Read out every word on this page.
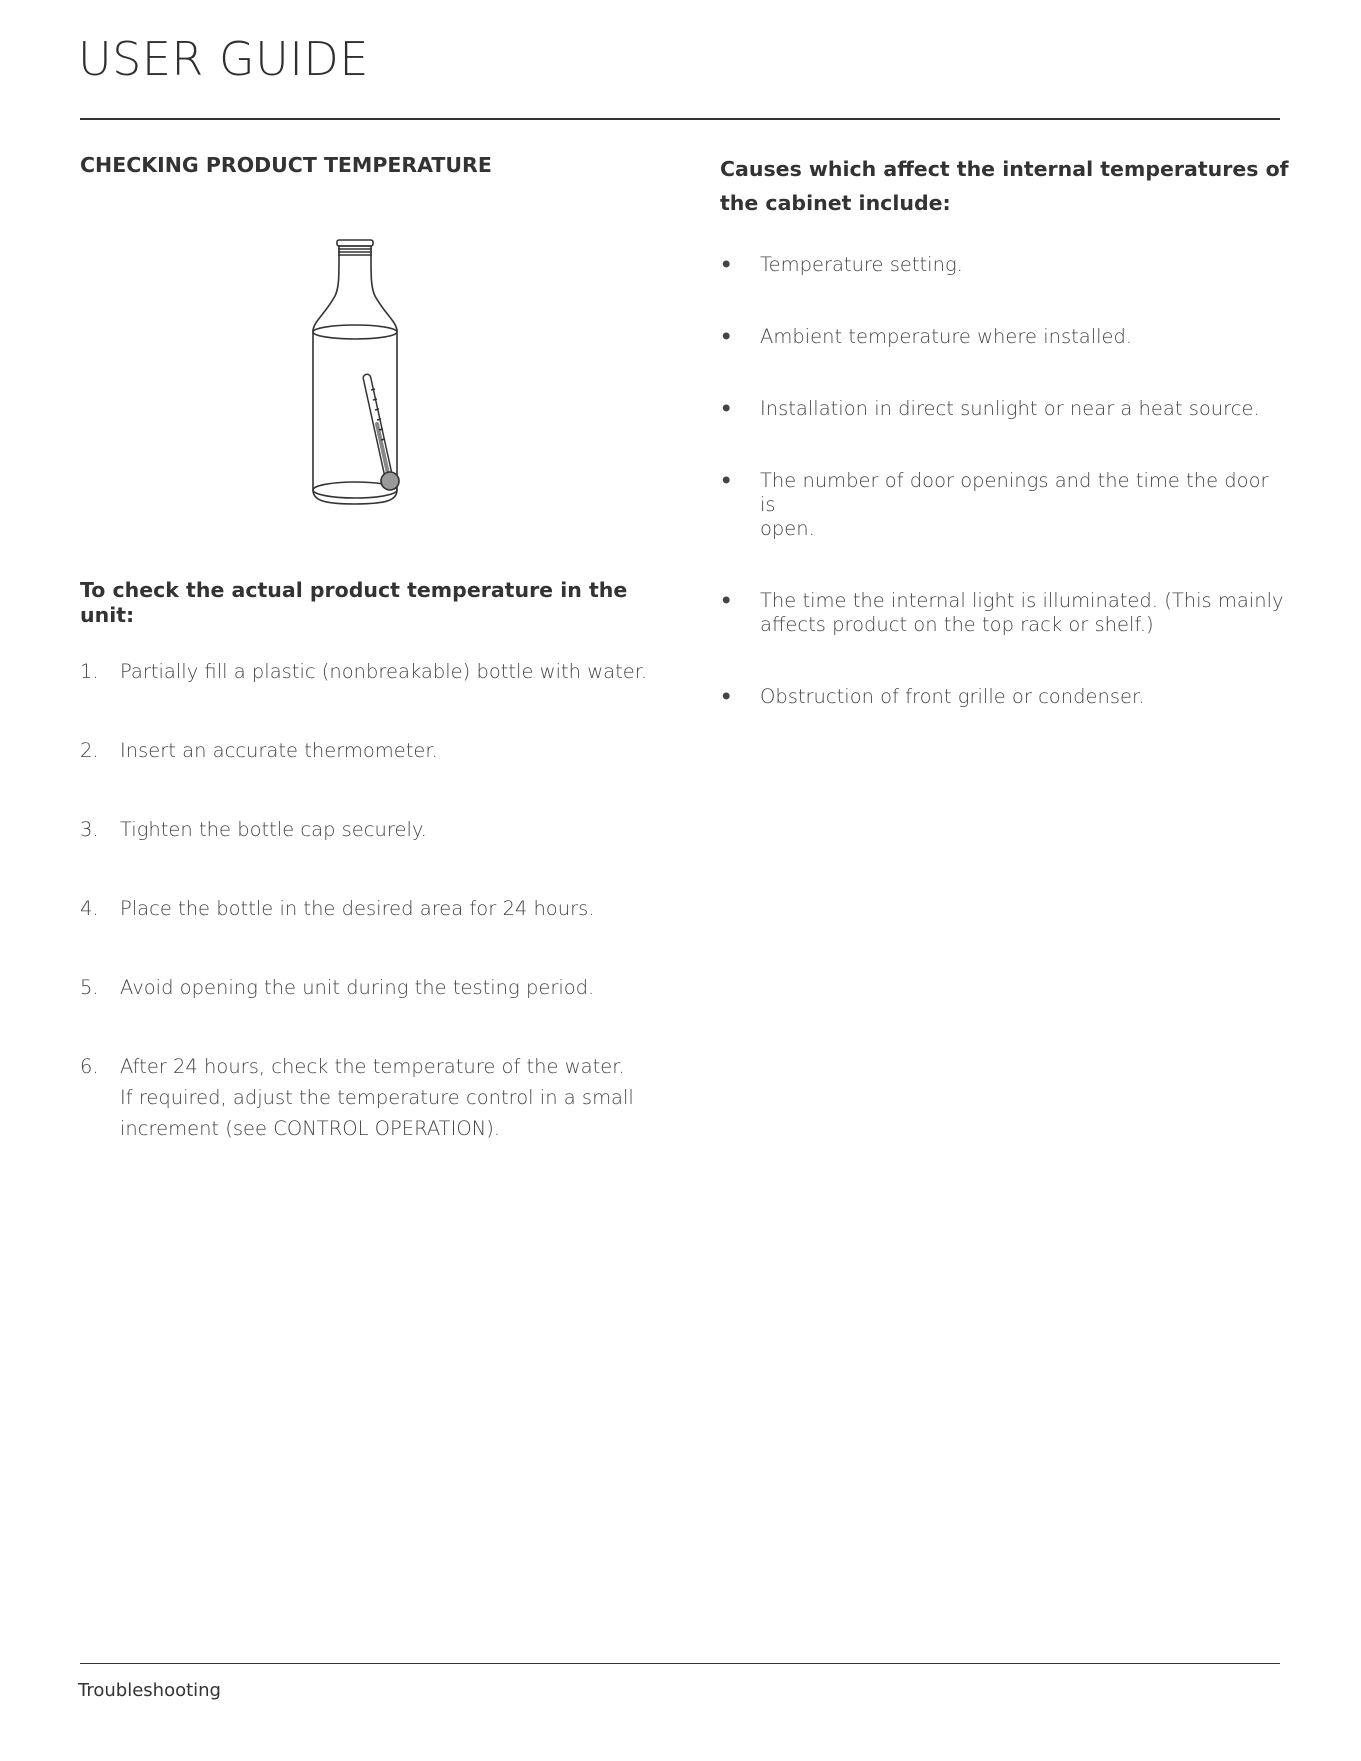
USER GUIDE
CHECKING PRODUCT TEMPERATURE
To check the actual product temperature in the unit:
1. Partially fill a plastic (nonbreakable) bottle with water.
2. Insert an accurate thermometer.
3. Tighten the bottle cap securely.
4. Place the bottle in the desired area for 24 hours.
5. Avoid opening the unit during the testing period.
6. After 24 hours, check the temperature of the water.
If required, adjust the temperature control in a small
increment (see CONTROL OPERATION).
Causes which affect the internal temperatures of
the cabinet include:
• Temperature setting.
• Ambient temperature where installed.
• Installation in direct sunlight or near a heat source.
• The number of door openings and the time the door is
open.
• The time the internal light is illuminated. (This mainly
affects product on the top rack or shelf.)
• Obstruction of front grille or condenser.
Troubleshooting
